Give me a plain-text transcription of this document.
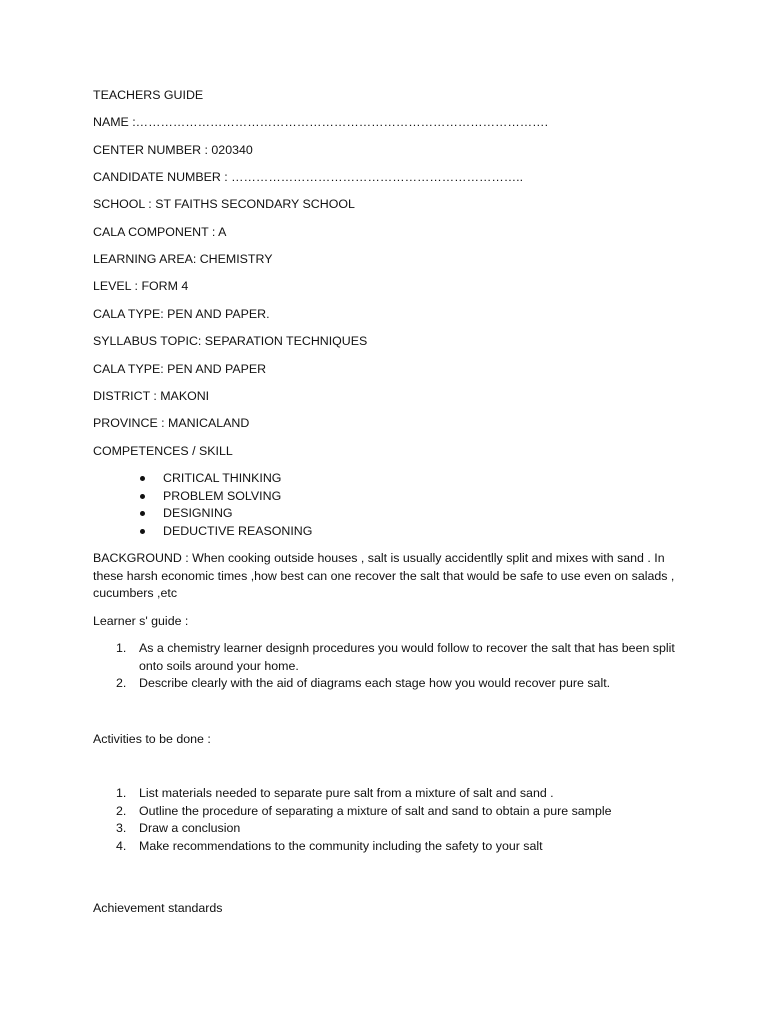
TEACHERS GUIDE
NAME :……………………………………………………………………………………….
CENTER NUMBER : 020340
CANDIDATE NUMBER : ……………………………………………………………..
SCHOOL : ST FAITHS SECONDARY SCHOOL
CALA COMPONENT : A
LEARNING AREA: CHEMISTRY
LEVEL : FORM 4
CALA TYPE: PEN AND PAPER.
SYLLABUS TOPIC: SEPARATION TECHNIQUES
CALA TYPE: PEN AND PAPER
DISTRICT : MAKONI
PROVINCE : MANICALAND
COMPETENCES / SKILL
CRITICAL THINKING
PROBLEM SOLVING
DESIGNING
DEDUCTIVE REASONING
BACKGROUND : When cooking outside houses , salt is usually accidentlly split and mixes with sand . In these harsh economic times ,how best can one recover the salt that would be safe to use even on salads , cucumbers ,etc
Learner s' guide :
1. As a chemistry learner designh procedures you would follow to recover the salt that has been split onto soils around your home.
2. Describe clearly with the aid of diagrams each stage how you would recover pure salt.
Activities to be done :
1. List materials needed to separate pure salt from a mixture of salt and sand .
2. Outline the procedure of separating a mixture of salt and sand to obtain a pure sample
3. Draw a conclusion
4. Make recommendations to the community including the safety to your salt
Achievement standards
